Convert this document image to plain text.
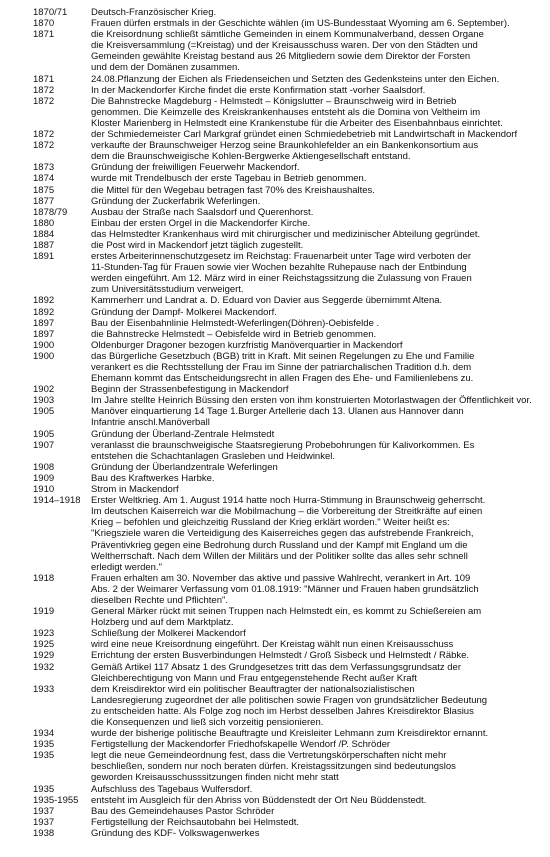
1870/71	Deutsch-Französischer Krieg.
1870	Frauen dürfen erstmals in der Geschichte wählen (im US-Bundesstaat Wyoming am 6. September).
1871	die Kreisordnung schließt sämtliche Gemeinden in einem Kommunalverband, dessen Organe
die Kreisversammlung (=Kreistag) und der Kreisausschuss waren. Der von den Städten und
Gemeinden gewählte Kreistag bestand aus 26 Mitgliedern sowie dem Direktor der Forsten
und dem der Domänen zusammen.
1871	24.08.Pflanzung der Eichen als Friedenseichen und Setzten des Gedenksteins unter den Eichen.
1872	In der Mackendorfer Kirche findet die erste Konfirmation statt -vorher Saalsdorf.
1872	Die Bahnstrecke Magdeburg - Helmstedt – Königslutter – Braunschweig wird in Betrieb
genommen. Die Keimzelle des Kreiskrankenhauses entsteht als die Domina von Veltheim im
Kloster Marienberg in Helmstedt eine Krankenstube für die Arbeiter des Eisenbahnbaus einrichtet.
1872	der Schmiedemeister Carl Markgraf gründet einen Schmiedebetrieb mit Landwirtschaft in Mackendorf
1872	verkaufte der Braunschweiger Herzog seine Braunkohlefelder an ein Bankenkonsortium aus
dem die Braunschweigische Kohlen-Bergwerke Aktiengesellschaft entstand.
1873	Gründung der freiwilligen Feuerwehr Mackendorf.
1874	wurde mit Trendelbusch der erste Tagebau in Betrieb genommen.
1875	die Mittel für den Wegebau betragen fast 70% des Kreishaushaltes.
1877	Gründung der Zuckerfabrik Weferlingen.
1878/79	Ausbau der Straße nach Saalsdorf und Querenhorst.
1880	Einbau der ersten Orgel in die Mackendorfer Kirche.
1884	das Helmstedter Krankenhaus wird mit chirurgischer und medizinischer Abteilung gegründet.
1887	die Post wird in Mackendorf jetzt täglich zugestellt.
1891	erstes Arbeiterinnenschutzgesetz im Reichstag: Frauenarbeit unter Tage wird verboten der
11-Stunden-Tag für Frauen sowie vier Wochen bezahlte Ruhepause nach der Entbindung
werden eingeführt. Am 12. März wird in einer Reichstagssitzung die Zulassung von Frauen
zum Universitätsstudium verweigert.
1892	Kammerherr und Landrat a. D. Eduard von Davier aus Seggerde übernimmt Altena.
1892	Gründung der Dampf- Molkerei Mackendorf.
1897	Bau der Eisenbahnlinie Helmstedt-Weferlingen(Döhren)-Oebisfelde .
1897	die Bahnstrecke Helmstedt – Oebisfelde wird in Betrieb genommen.
1900	Oldenburger Dragoner bezogen kurzfristig Manöverquartier in Mackendorf
1900	das Bürgerliche Gesetzbuch (BGB) tritt in Kraft. Mit seinen Regelungen zu Ehe und Familie
verankert es die Rechtsstellung der Frau im Sinne der patriarchalischen Tradition d.h. dem
Ehemann kommt das Entscheidungsrecht in allen Fragen des Ehe- und Familienlebens zu.
1902	Beginn der Strassenbefestigung in Mackendorf
1903	Im Jahre stellte Heinrich Büssing den ersten von ihm konstruierten Motorlastwagen der Öffentlichkeit vor.
1905	Manöver einquartierung 14 Tage 1.Burger Artellerie dach 13. Ulanen aus Hannover dann
Infantrie anschl.Manöverball
1905	Gründung der Überland-Zentrale Helmstedt
1907	veranlasst die braunschweigische Staatsregierung Probebohrungen für Kalivorkommen. Es
entstehen die Schachtanlagen Grasleben und Heidwinkel.
1908	Gründung der Überlandzentrale Weferlingen
1909	Bau des Kraftwerkes Harbke.
1910	Strom in Mackendorf
1914–1918	Erster Weltkrieg. Am 1. August 1914 hatte noch Hurra-Stimmung in Braunschweig geherrscht.
Im deutschen Kaiserreich war die Mobilmachung – die Vorbereitung der Streitkräfte auf einen
Krieg – befohlen und gleichzeitig Russland der Krieg erklärt worden." Weiter heißt es:
"Kriegsziele waren die Verteidigung des Kaiserreiches gegen das aufstrebende Frankreich,
Präventivkrieg gegen eine Bedrohung durch Russland und der Kampf mit England um die
Weltherrschaft. Nach dem Willen der Militärs und der Politiker sollte das alles sehr schnell
erledigt werden."
1918	Frauen erhalten am 30. November das aktive und passive Wahlrecht, verankert in Art. 109
Abs. 2 der Weimarer Verfassung vom 01.08.1919: "Männer und Frauen haben grundsätzlich
dieselben Rechte und Pflichten".
1919	General Märker rückt mit seinen Truppen nach Helmstedt ein, es kommt zu Schießereien am
Holzberg und auf dem Marktplatz.
1923	Schließung der Molkerei Mackendorf
1925	wird eine neue Kreisordnung eingeführt. Der Kreistag wählt nun einen Kreisausschuss
1929	Errichtung der ersten Busverbindungen Helmstedt / Groß Sisbeck und Helmstedt / Räbke.
1932	Gemäß Artikel 117 Absatz 1 des Grundgesetzes tritt das dem Verfassungsgrundsatz der
Gleichberechtigung von Mann und Frau entgegenstehende Recht außer Kraft
1933	dem Kreisdirektor wird ein politischer Beauftragter der nationalsozialistischen
Landesregierung zugeordnet der alle politischen sowie Fragen von grundsätzlicher Bedeutung
zu entscheiden hatte. Als Folge zog noch im Herbst desselben Jahres Kreisdirektor Blasius
die Konsequenzen und ließ sich vorzeitig pensionieren.
1934	wurde der bisherige politische Beauftragte und Kreisleiter Lehmann zum Kreisdirektor ernannt.
1935	Fertigstellung der Mackendorfer Friedhofskapelle Wendorf /P. Schröder
1935	legt die neue Gemeindeordnung fest, dass die Vertretungskörperschaften nicht mehr
beschließen, sondern nur noch beraten dürfen. Kreistagssitzungen sind bedeutungslos
geworden Kreisausschusssitzungen finden nicht mehr statt
1935	Aufschluss des Tagebaus Wulfersdorf.
1935-1955	entsteht im Ausgleich für den Abriss von Büddenstedt der Ort Neu Büddenstedt.
1937	Bau des Gemeindehauses Pastor Schröder
1937	Fertigstellung der Reichsautobahn bei Helmstedt.
1938	Gründung des KDF- Volkswagenwerkes
